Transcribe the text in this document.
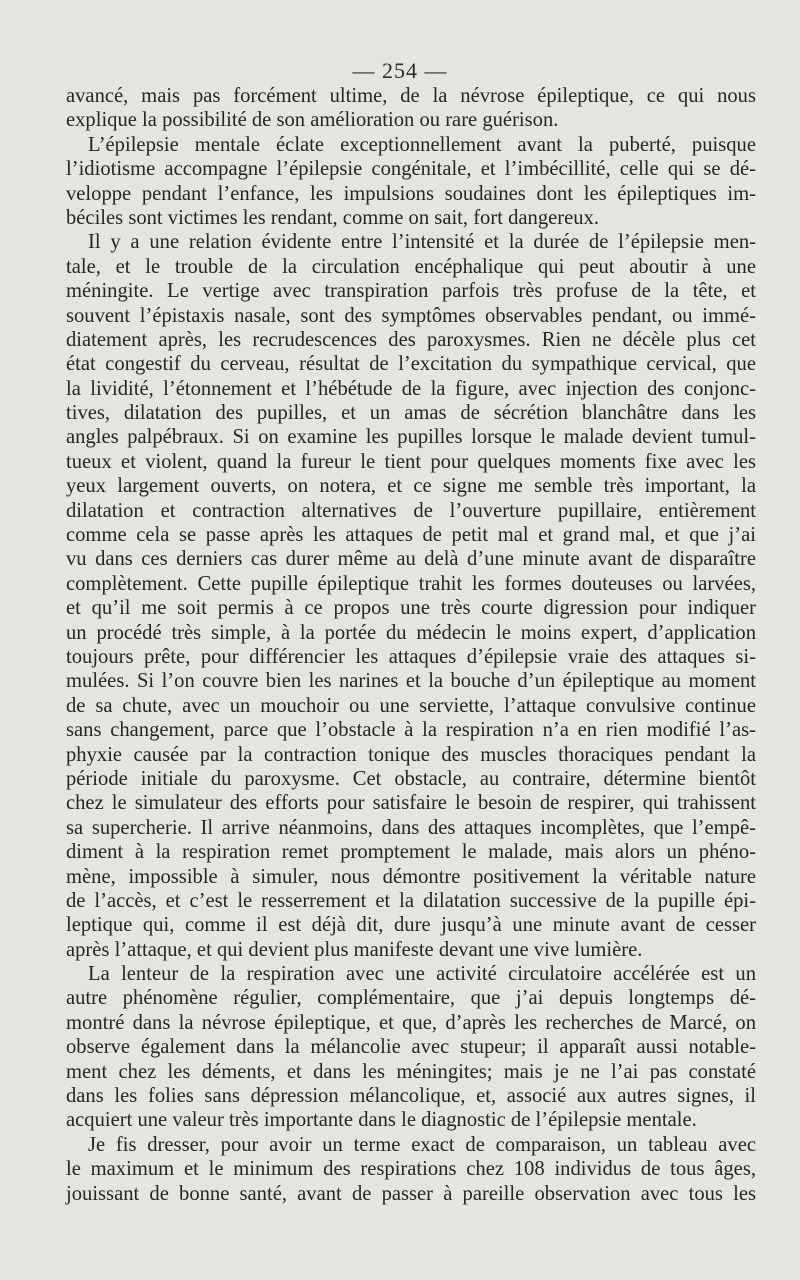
— 254 —
avancé, mais pas forcément ultime, de la névrose épileptique, ce qui nous
explique la possibilité de son amélioration ou rare guérison.
L’épilepsie mentale éclate exceptionnellement avant la puberté, puisque
l’idiotisme accompagne l’épilepsie congénitale, et l’imbécillité, celle qui se dé-
veloppe pendant l’enfance, les impulsions soudaines dont les épileptiques im-
béciles sont victimes les rendant, comme on sait, fort dangereux.
Il y a une relation évidente entre l’intensité et la durée de l’épilepsie men-
tale, et le trouble de la circulation encéphalique qui peut aboutir à une
méningite. Le vertige avec transpiration parfois très profuse de la tête, et
souvent l’épistaxis nasale, sont des symptômes observables pendant, ou immé-
diatement après, les recrudescences des paroxysmes. Rien ne décèle plus cet
état congestif du cerveau, résultat de l’excitation du sympathique cervical, que
la lividité, l’étonnement et l’hébétude de la figure, avec injection des conjonc-
tives, dilatation des pupilles, et un amas de sécrétion blanchâtre dans les
angles palpébraux. Si on examine les pupilles lorsque le malade devient tumul-
tueux et violent, quand la fureur le tient pour quelques moments fixe avec les
yeux largement ouverts, on notera, et ce signe me semble très important, la
dilatation et contraction alternatives de l’ouverture pupillaire, entièrement
comme cela se passe après les attaques de petit mal et grand mal, et que j’ai
vu dans ces derniers cas durer même au delà d’une minute avant de disparaître
complètement. Cette pupille épileptique trahit les formes douteuses ou larvées,
et qu’il me soit permis à ce propos une très courte digression pour indiquer
un procédé très simple, à la portée du médecin le moins expert, d’application
toujours prête, pour différencier les attaques d’épilepsie vraie des attaques si-
mulées. Si l’on couvre bien les narines et la bouche d’un épileptique au moment
de sa chute, avec un mouchoir ou une serviette, l’attaque convulsive continue
sans changement, parce que l’obstacle à la respiration n’a en rien modifié l’as-
phyxie causée par la contraction tonique des muscles thoraciques pendant la
période initiale du paroxysme. Cet obstacle, au contraire, détermine bientôt
chez le simulateur des efforts pour satisfaire le besoin de respirer, qui trahissent
sa supercherie. Il arrive néanmoins, dans des attaques incomplètes, que l’empê-
diment à la respiration remet promptement le malade, mais alors un phéno-
mène, impossible à simuler, nous démontre positivement la véritable nature
de l’accès, et c’est le resserrement et la dilatation successive de la pupille épi-
leptique qui, comme il est déjà dit, dure jusqu’à une minute avant de cesser
après l’attaque, et qui devient plus manifeste devant une vive lumière.
La lenteur de la respiration avec une activité circulatoire accélérée est un
autre phénomène régulier, complémentaire, que j’ai depuis longtemps dé-
montré dans la névrose épileptique, et que, d’après les recherches de Marcé, on
observe également dans la mélancolie avec stupeur; il apparaît aussi notable-
ment chez les déments, et dans les méningites; mais je ne l’ai pas constaté
dans les folies sans dépression mélancolique, et, associé aux autres signes, il
acquiert une valeur très importante dans le diagnostic de l’épilepsie mentale.
Je fis dresser, pour avoir un terme exact de comparaison, un tableau avec
le maximum et le minimum des respirations chez 108 individus de tous âges,
jouissant de bonne santé, avant de passer à pareille observation avec tous les
